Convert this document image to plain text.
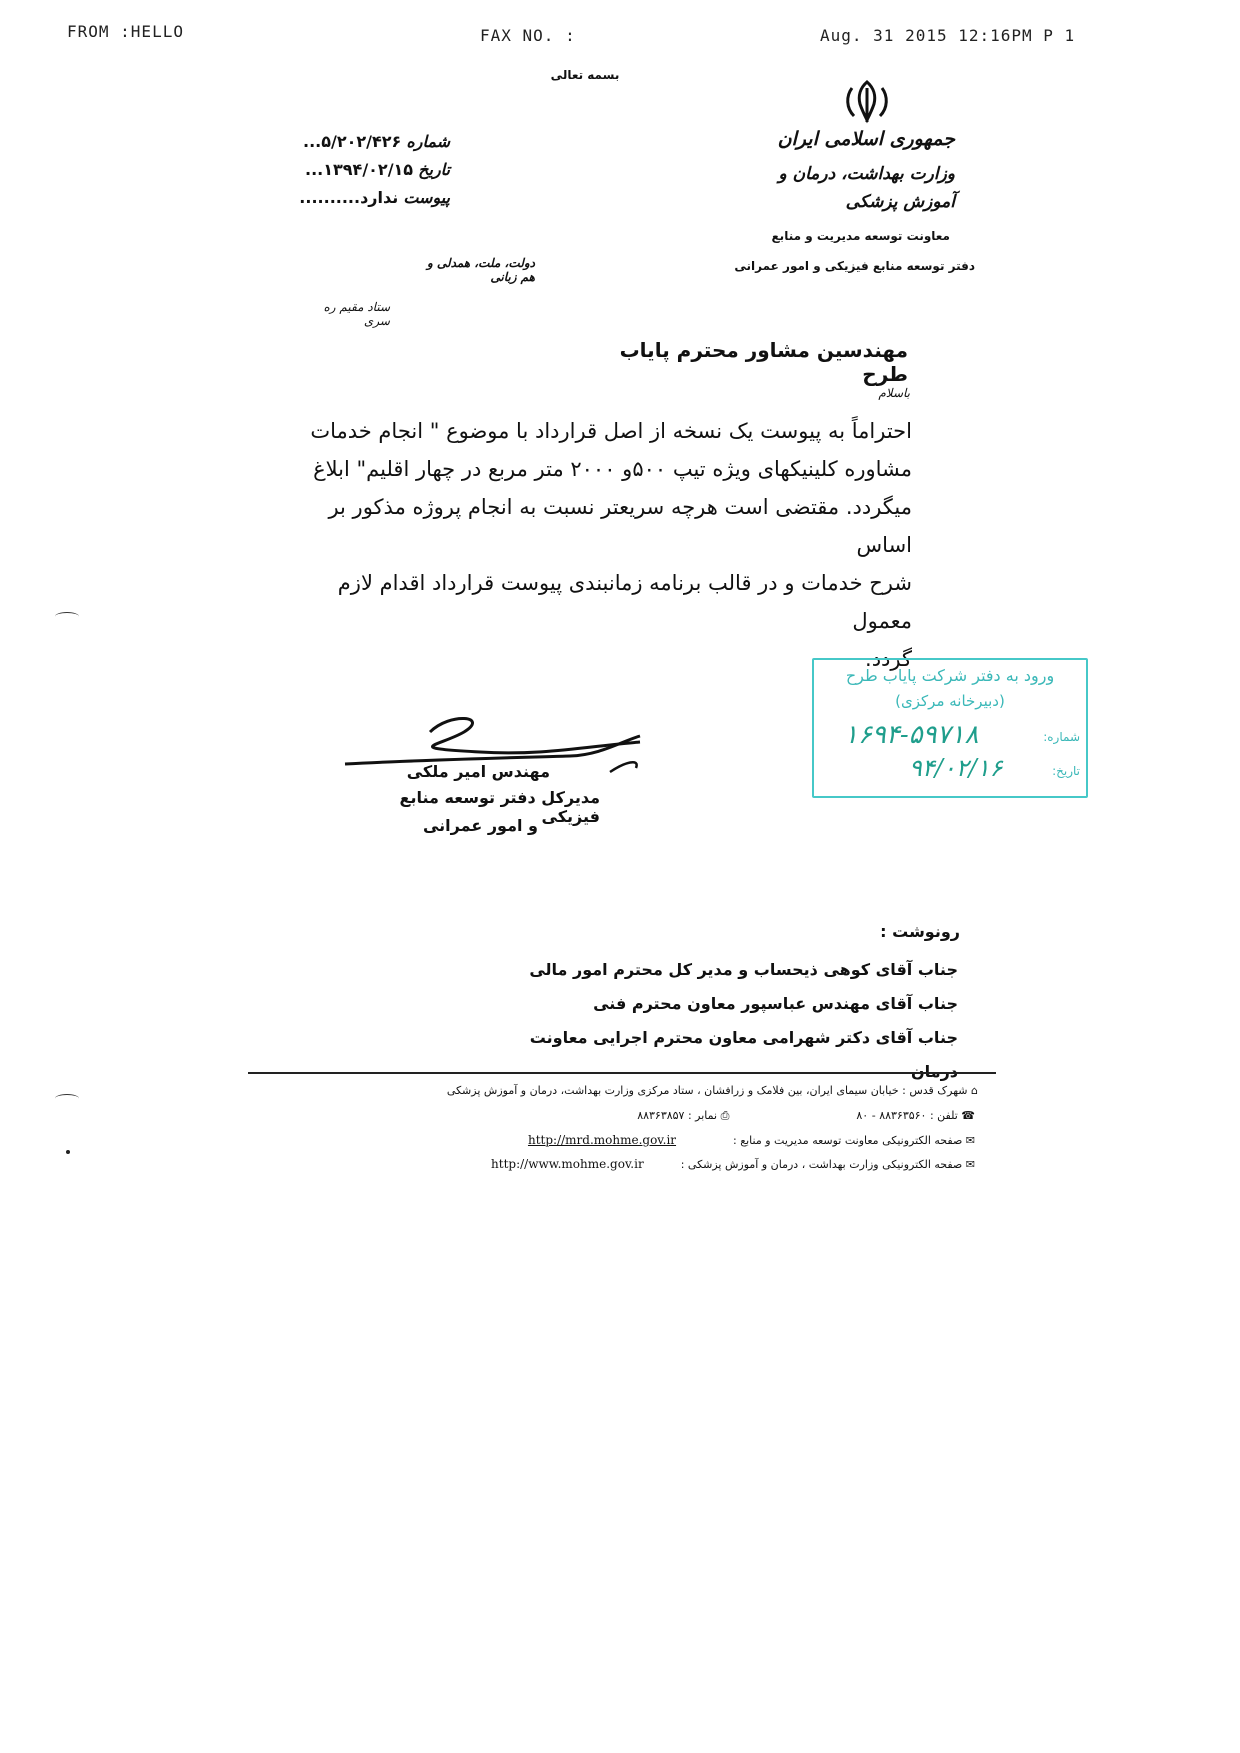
FROM :HELLO	FAX NO. :	Aug. 31 2015 12:16PM P 1
بسمه تعالی
جمهوری اسلامی ایران
وزارت بهداشت، درمان و آموزش پزشکی
معاونت توسعه مدیریت و منابع
دفتر توسعه منابع فیزیکی و امور عمرانی
شماره ۵/۲۰۲/۴۲۶...
تاریخ ۱۳۹۴/۰۲/۱۵...
پیوست ندارد..........
دولت، ملت، همدلی و هم زبانی
ستاد مقیم ره سری
مهندسین مشاور محترم پایاب طرح
باسلام
احتراماً به پیوست یک نسخه از اصل قرارداد با موضوع " انجام خدمات
مشاوره کلینیکهای ویژه تیپ ۵۰۰و ۲۰۰۰ متر مربع در چهار اقلیم" ابلاغ
میگردد. مقتضی است هرچه سریعتر نسبت به انجام پروژه مذکور بر اساس
شرح خدمات و در قالب برنامه زمانبندی پیوست قرارداد اقدام لازم معمول
گردد.
ورود به دفتر شرکت پایاب طرح
(دبیرخانه مرکزی)
شماره:
۱۶۹۴-۵۹۷۱۸
تاریخ:
۹۴/۰۲/۱۶
مهندس امیر ملکی
مدیرکل دفتر توسعه منابع فیزیکی
و امور عمرانی
رونوشت :
جناب آقای کوهی ذیحساب و مدیر کل محترم امور مالی
جناب آقای مهندس عباسپور معاون محترم فنی
جناب آقای دکتر شهرامی معاون محترم اجرایی معاونت درمان
⌂ شهرک قدس : خیابان سیمای ایران، بین فلامک و زرافشان ، ستاد مرکزی وزارت بهداشت، درمان و آموزش پزشکی
☎ تلفن : ۸۸۳۶۳۵۶۰ - ۸۰  ⎙ نمابر : ۸۸۳۶۳۸۵۷
✉ صفحه الکترونیکی معاونت توسعه مدیریت و منابع :  http://mrd.mohme.gov.ir
✉ صفحه الکترونیکی وزارت بهداشت ، درمان و آموزش پزشکی :  http://www.mohme.gov.ir
